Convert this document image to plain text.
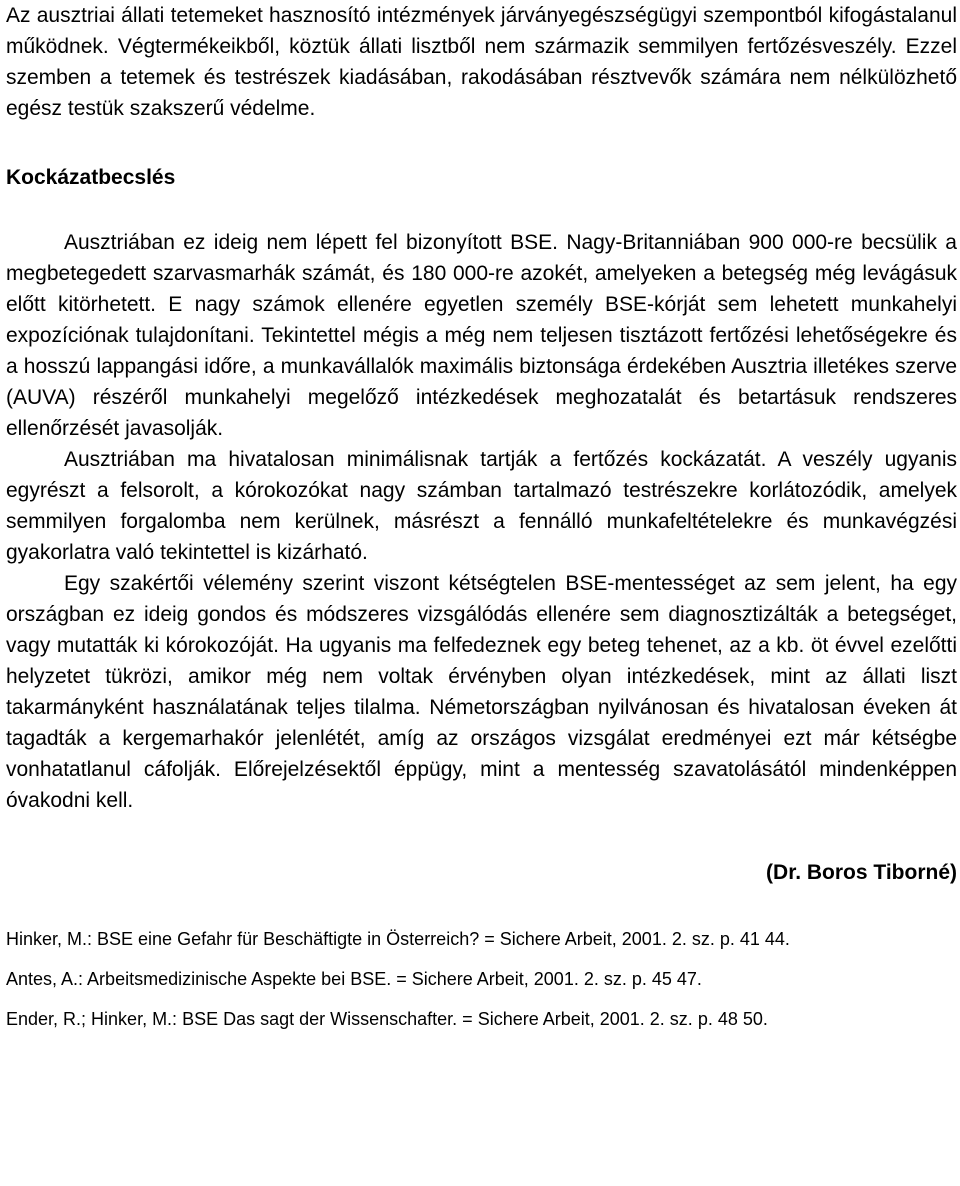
Az ausztriai állati tetemeket hasznosító intézmények járványegészségügyi szempontból kifogástalanul működnek. Végtermékeikből, köztük állati lisztből nem származik semmilyen fertőzésveszély. Ezzel szemben a tetemek és testrészek kiadásában, rakodásában résztvevők számára nem nélkülözhető egész testük szakszerű védelme.

Kockázatbecslés

Ausztriában ez ideig nem lépett fel bizonyított BSE. Nagy-Britanniában 900 000-re becsülik a megbetegedett szarvasmarhák számát, és 180 000-re azokét, amelyeken a betegség még levágásuk előtt kitörhetett. E nagy számok ellenére egyetlen személy BSE-kórját sem lehetett munkahelyi expozíciónak tulajdonítani. Tekintettel mégis a még nem teljesen tisztázott fertőzési lehetőségekre és a hosszú lappangási időre, a munkavállalók maximális biztonsága érdekében Ausztria illetékes szerve (AUVA) részéről munkahelyi megelőző intézkedések meghozatalát és betartásuk rendszeres ellenőrzését javasolják.

Ausztriában ma hivatalosan minimálisnak tartják a fertőzés kockázatát. A veszély ugyanis egyrészt a felsorolt, a kórokozókat nagy számban tartalmazó testrészekre korlátozódik, amelyek semmilyen forgalomba nem kerülnek, másrészt a fennálló munkafeltételekre és munkavégzési gyakorlatra való tekintettel is kizárható.

Egy szakértői vélemény szerint viszont kétségtelen BSE-mentességet az sem jelent, ha egy országban ez ideig gondos és módszeres vizsgálódás ellenére sem diagnosztizálták a betegséget, vagy mutatták ki kórokozóját. Ha ugyanis ma felfedeznek egy beteg tehenet, az a kb. öt évvel ezelőtti helyzetet tükrözi, amikor még nem voltak érvényben olyan intézkedések, mint az állati liszt takarmányként használatának teljes tilalma. Németországban nyilvánosan és hivatalosan éveken át tagadták a kergemarhakór jelenlétét, amíg az országos vizsgálat eredményei ezt már kétségbe vonhatatlanul cáfolják. Előrejelzésektől éppügy, mint a mentesség szavatolásától mindenképpen óvakodni kell.

(Dr. Boros Tiborné)

Hinker, M.: BSE eine Gefahr für Beschäftigte in Österreich? = Sichere Arbeit, 2001. 2. sz. p. 41 44.

Antes, A.: Arbeitsmedizinische Aspekte bei BSE. = Sichere Arbeit, 2001. 2. sz. p. 45 47.

Ender, R.; Hinker, M.: BSE Das sagt der Wissenschafter. = Sichere Arbeit, 2001. 2. sz. p. 48 50.
